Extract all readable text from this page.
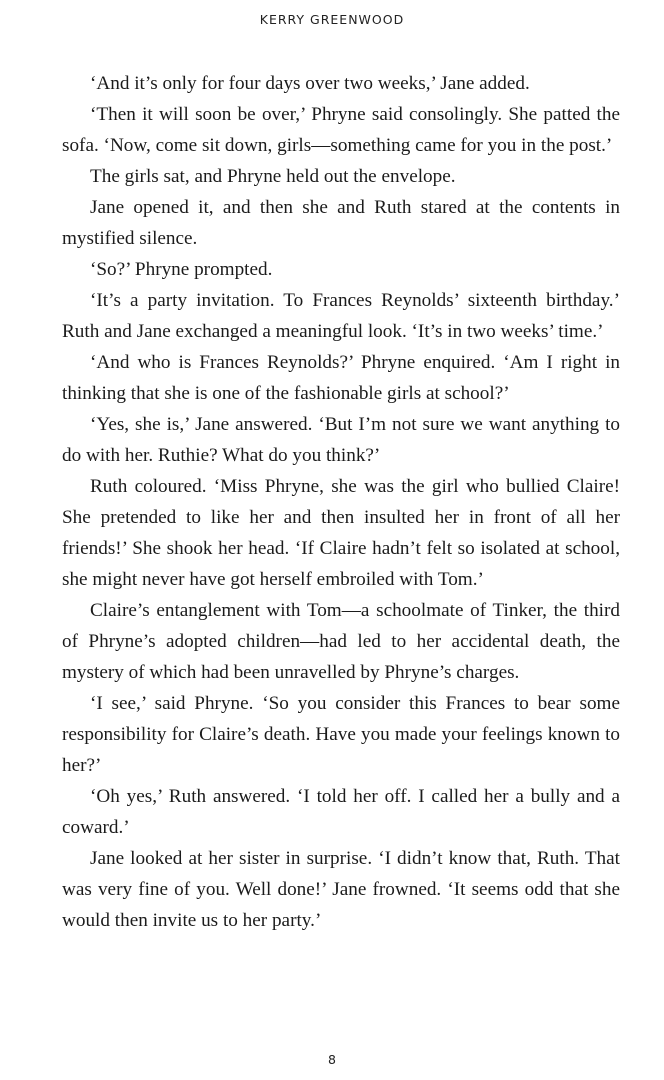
KERRY GREENWOOD

‘And it’s only for four days over two weeks,’ Jane added.

‘Then it will soon be over,’ Phryne said consolingly. She patted the sofa. ‘Now, come sit down, girls—something came for you in the post.’

The girls sat, and Phryne held out the envelope.

Jane opened it, and then she and Ruth stared at the contents in mystified silence.

‘So?’ Phryne prompted.

‘It’s a party invitation. To Frances Reynolds’ sixteenth birthday.’ Ruth and Jane exchanged a meaningful look. ‘It’s in two weeks’ time.’

‘And who is Frances Reynolds?’ Phryne enquired. ‘Am I right in thinking that she is one of the fashionable girls at school?’

‘Yes, she is,’ Jane answered. ‘But I’m not sure we want anything to do with her. Ruthie? What do you think?’

Ruth coloured. ‘Miss Phryne, she was the girl who bullied Claire! She pretended to like her and then insulted her in front of all her friends!’ She shook her head. ‘If Claire hadn’t felt so isolated at school, she might never have got herself embroiled with Tom.’

Claire’s entanglement with Tom—a schoolmate of Tinker, the third of Phryne’s adopted children—had led to her accidental death, the mystery of which had been unravelled by Phryne’s charges.

‘I see,’ said Phryne. ‘So you consider this Frances to bear some responsibility for Claire’s death. Have you made your feelings known to her?’

‘Oh yes,’ Ruth answered. ‘I told her off. I called her a bully and a coward.’

Jane looked at her sister in surprise. ‘I didn’t know that, Ruth. That was very fine of you. Well done!’ Jane frowned. ‘It seems odd that she would then invite us to her party.’

8
